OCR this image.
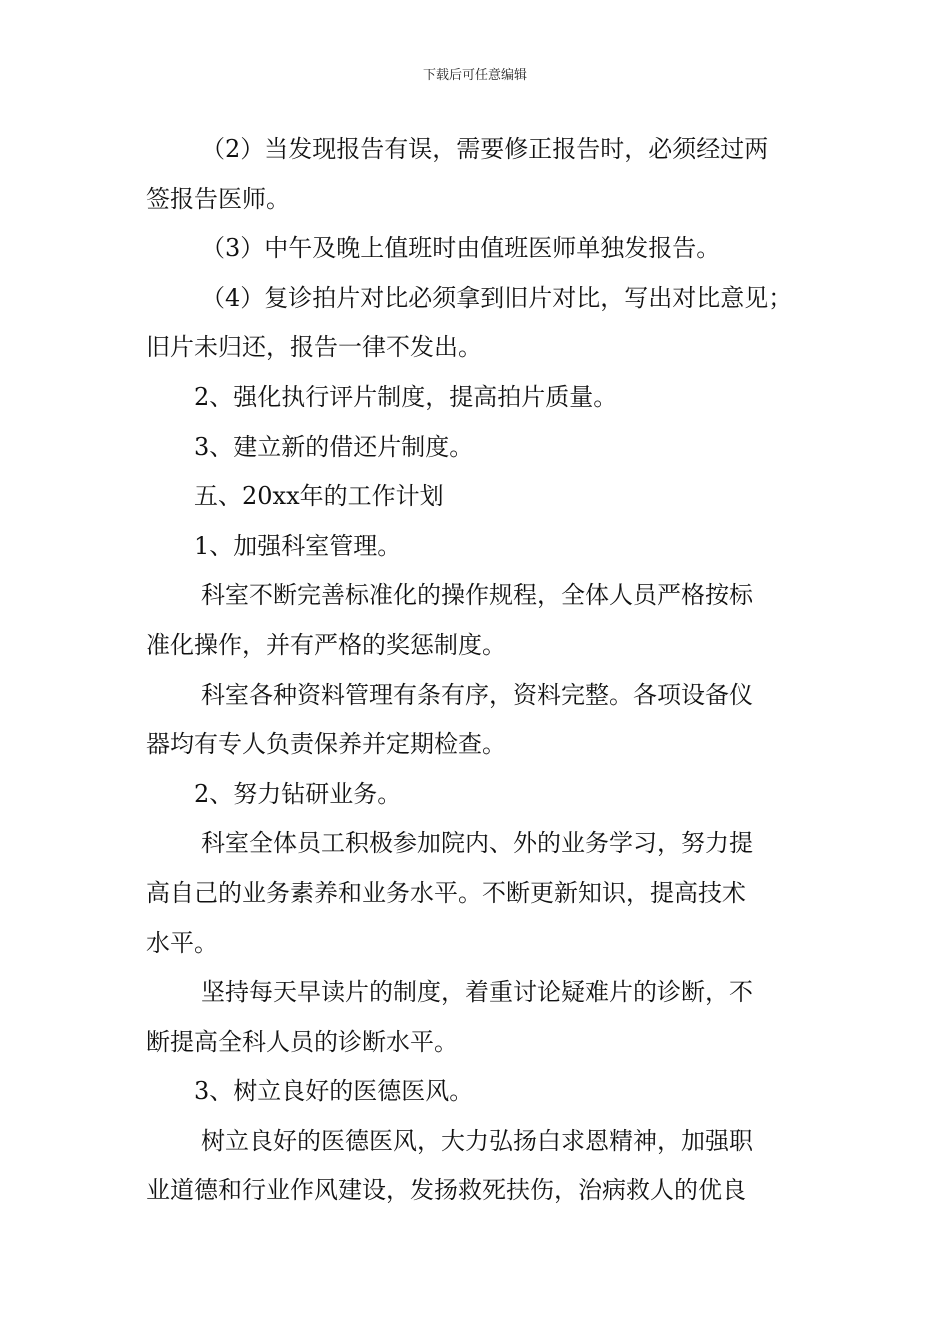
下载后可任意编辑
（2）当发现报告有误，需要修正报告时，必须经过两
签报告医师。
（3）中午及晚上值班时由值班医师单独发报告。
（4）复诊拍片对比必须拿到旧片对比，写出对比意见；
旧片未归还，报告一律不发出。
2、强化执行评片制度，提高拍片质量。
3、建立新的借还片制度。
五、20xx年的工作计划
1、加强科室管理。
科室不断完善标准化的操作规程，全体人员严格按标
准化操作，并有严格的奖惩制度。
科室各种资料管理有条有序，资料完整。各项设备仪
器均有专人负责保养并定期检查。
2、努力钻研业务。
科室全体员工积极参加院内、外的业务学习，努力提
高自己的业务素养和业务水平。不断更新知识，提高技术
水平。
坚持每天早读片的制度，着重讨论疑难片的诊断，不
断提高全科人员的诊断水平。
3、树立良好的医德医风。
树立良好的医德医风，大力弘扬白求恩精神，加强职
业道德和行业作风建设，发扬救死扶伤，治病救人的优良
